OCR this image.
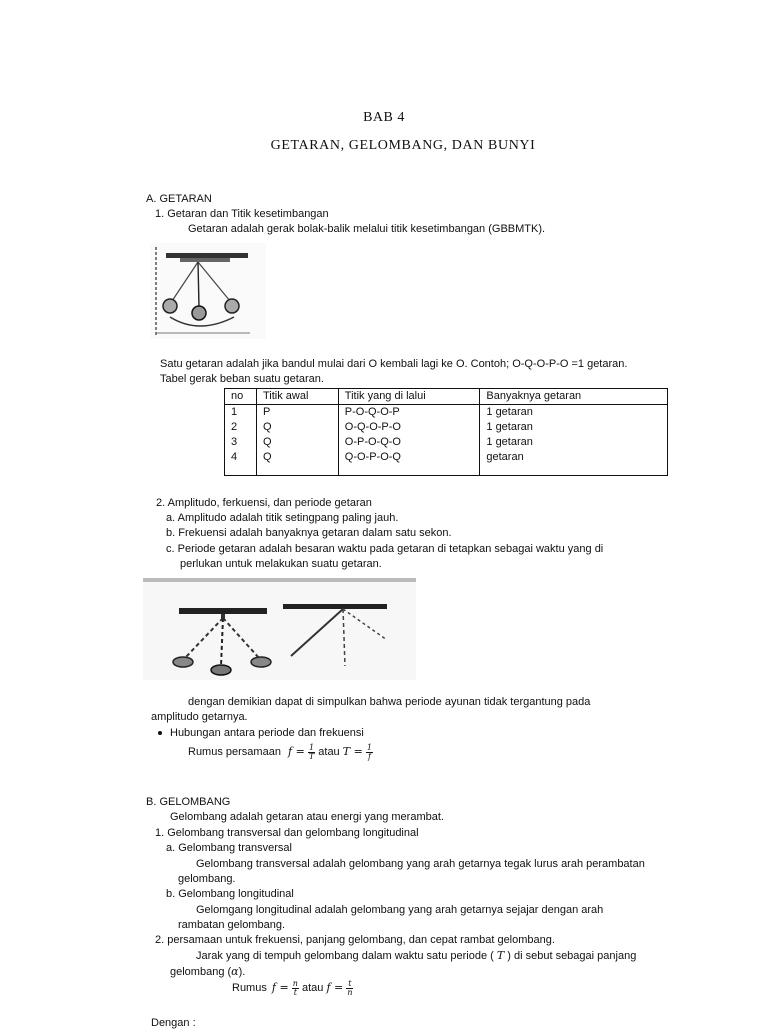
BAB 4
GETARAN, GELOMBANG, DAN BUNYI
A. GETARAN
1. Getaran dan Titik kesetimbangan
Getaran adalah gerak bolak-balik melalui titik kesetimbangan (GBBMTK).
Satu getaran adalah jika bandul mulai dari O kembali lagi ke O. Contoh; O-Q-O-P-O =1 getaran.
Tabel gerak beban suatu getaran.
no	Titik awal	Titik yang di lalui	Banyaknya getaran

1	P	P-O-Q-O-P	1 getaran
2	Q	O-Q-O-P-O	1 getaran
3	Q	O-P-O-Q-O	1 getaran
4	Q	Q-O-P-O-Q	getaran
2. Amplitudo, ferkuensi, dan periode getaran
a. Amplitudo adalah titik setingpang paling jauh.
b. Frekuensi adalah banyaknya getaran dalam satu sekon.
c. Periode getaran adalah besaran waktu pada getaran di tetapkan sebagai waktu yang di
perlukan untuk melakukan suatu getaran.
dengan demikian dapat di simpulkan bahwa periode ayunan tidak tergantung pada
amplitudo getarnya.
Hubungan antara periode dan frekuensi
Rumus persamaan $f = \frac{1}{T}$ atau $T = \frac{1}{f}$
B. GELOMBANG
Gelombang adalah getaran atau energi yang merambat.
1. Gelombang transversal dan gelombang longitudinal
a. Gelombang transversal
Gelombang transversal adalah gelombang yang arah getarnya tegak lurus arah perambatan
gelombang.
b. Gelombang longitudinal
Gelomgang longitudinal adalah gelombang yang arah getarnya sejajar dengan arah
rambatan gelombang.
2. persamaan untuk frekuensi, panjang gelombang, dan cepat rambat gelombang.
Jarak yang di tempuh gelombang dalam waktu satu periode ( T ) di sebut sebagai panjang
gelombang (α).
Rumus $f = \frac{n}{t}$ atau $f = \frac{t}{n}$
Dengan :
